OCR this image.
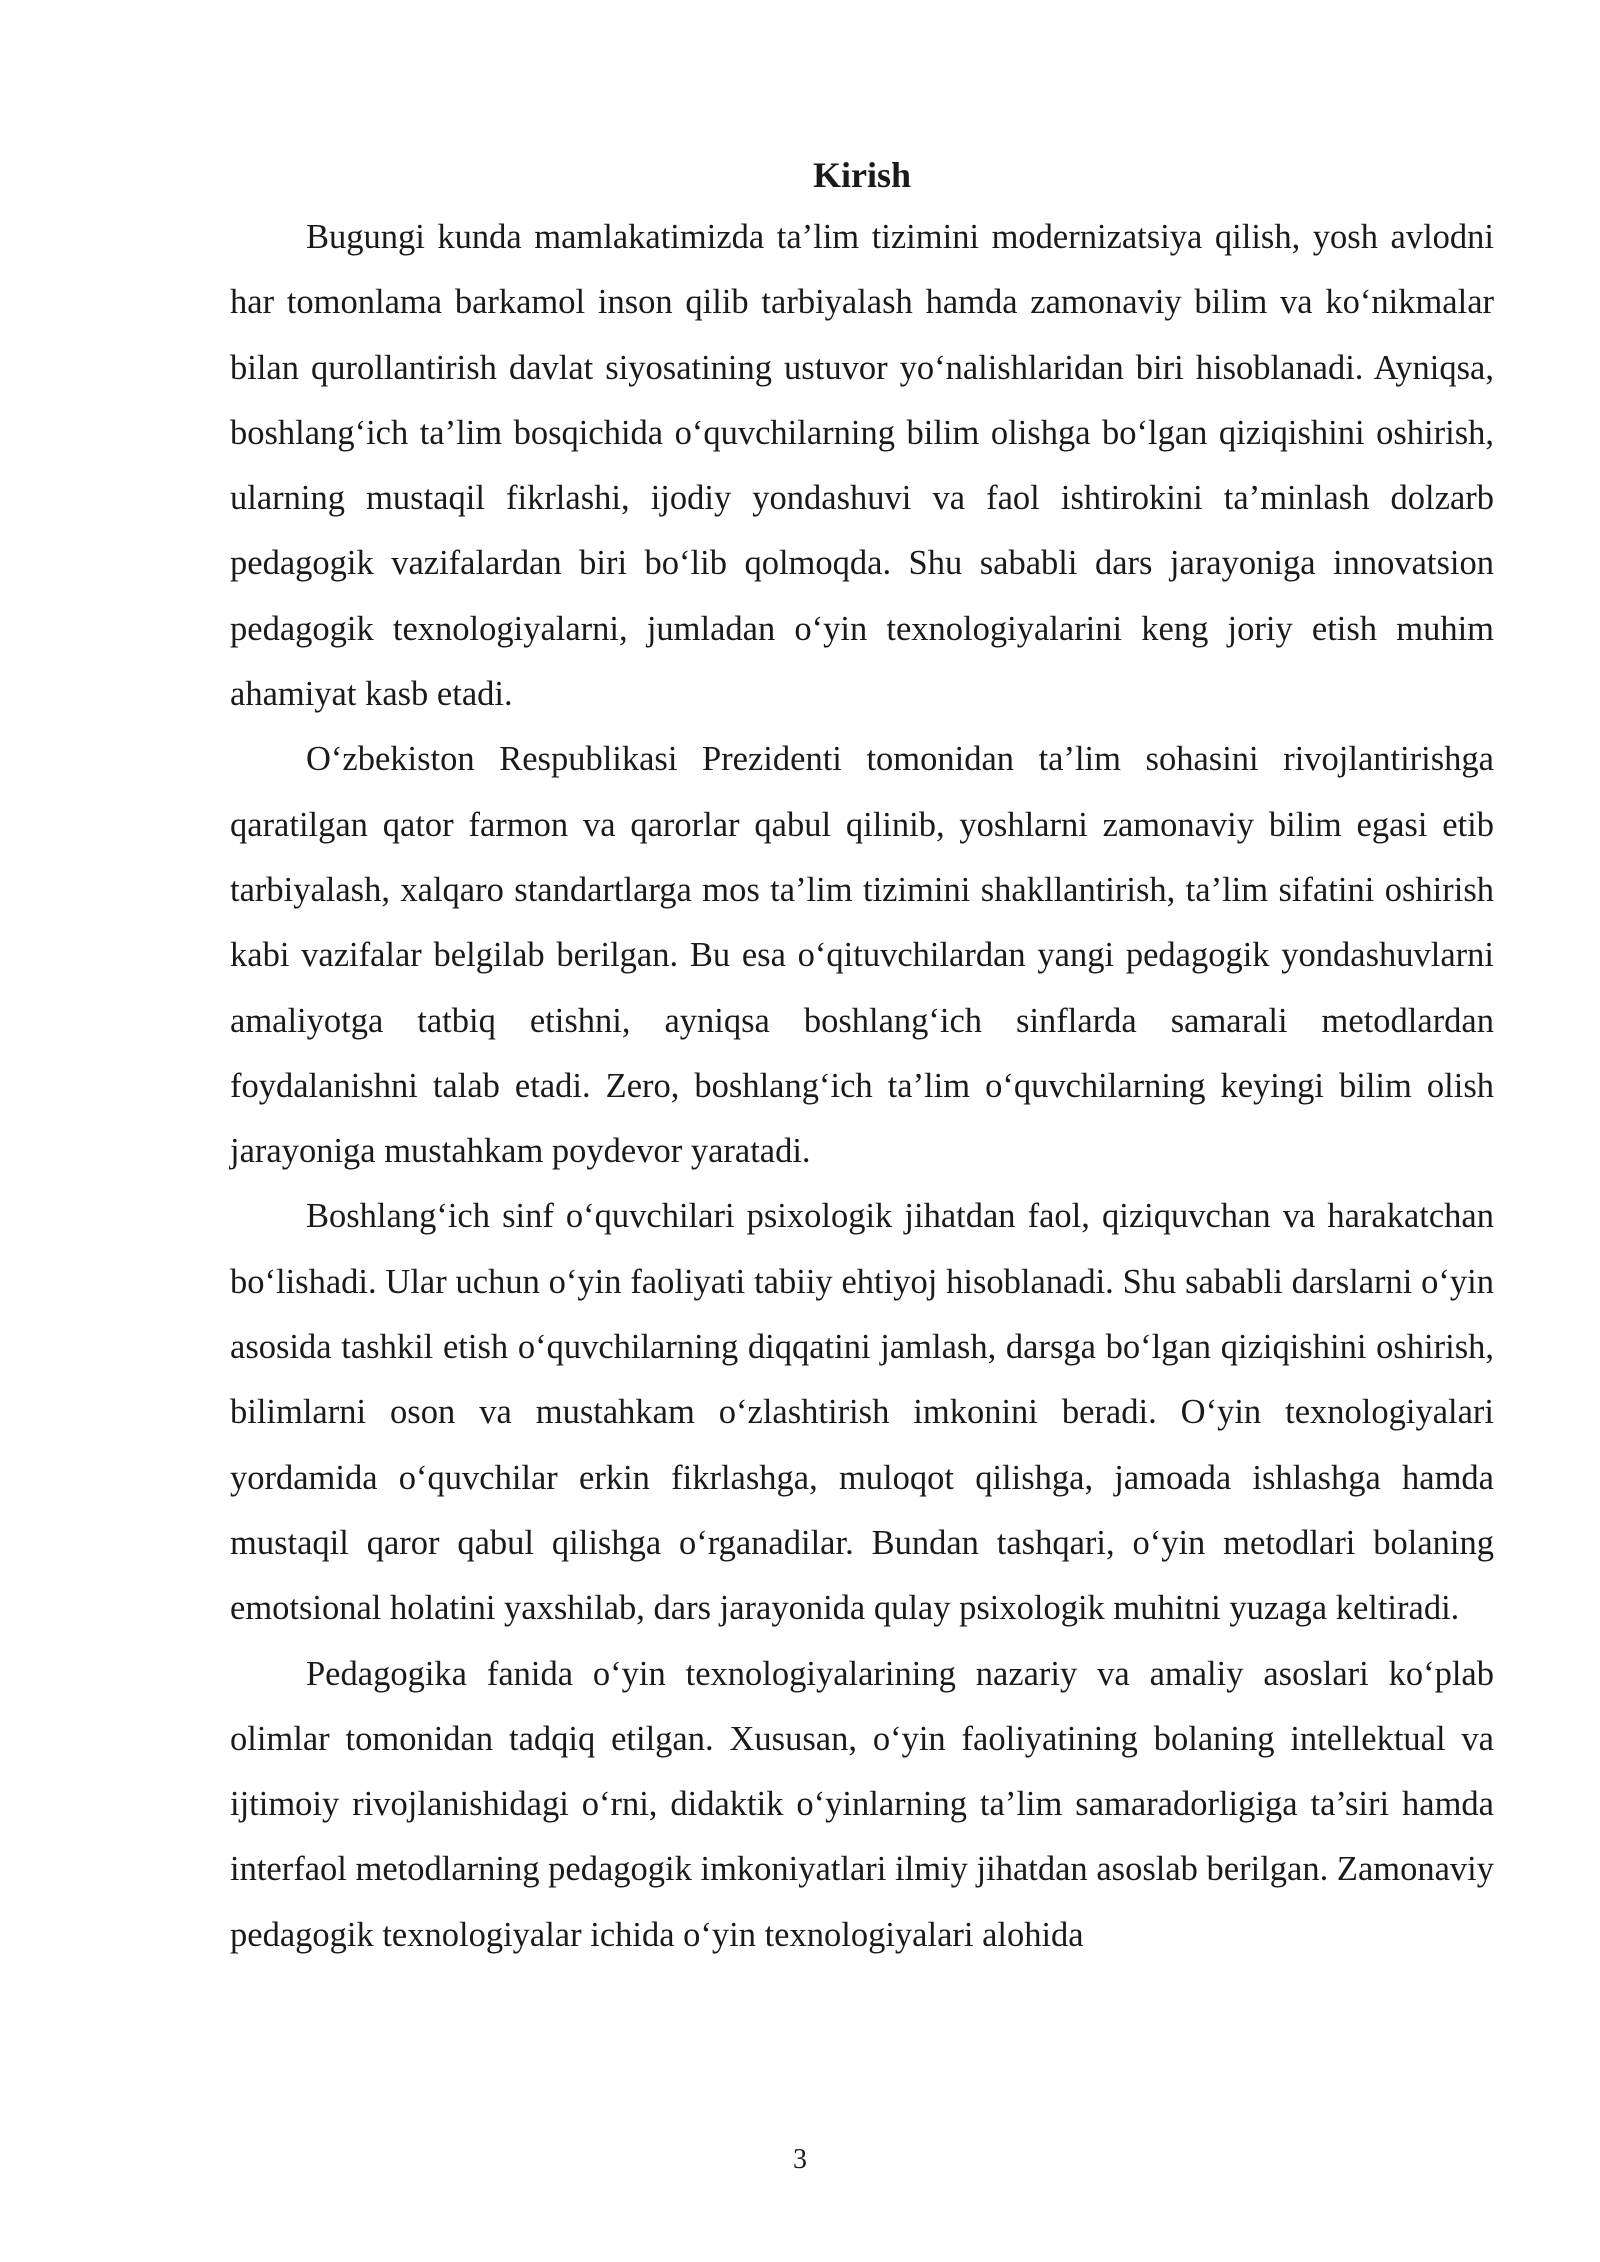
Kirish

Bugungi kunda mamlakatimizda ta’lim tizimini modernizatsiya qilish, yosh avlodni har tomonlama barkamol inson qilib tarbiyalash hamda zamonaviy bilim va ko‘nikmalar bilan qurollantirish davlat siyosatining ustuvor yo‘nalishlaridan biri hisoblanadi. Ayniqsa, boshlang‘ich ta’lim bosqichida o‘quvchilarning bilim olishga bo‘lgan qiziqishini oshirish, ularning mustaqil fikrlashi, ijodiy yondashuvi va faol ishtirokini ta’minlash dolzarb pedagogik vazifalardan biri bo‘lib qolmoqda. Shu sababli dars jarayoniga innovatsion pedagogik texnologiyalarni, jumladan o‘yin texnologiyalarini keng joriy etish muhim ahamiyat kasb etadi.

O‘zbekiston Respublikasi Prezidenti tomonidan ta’lim sohasini rivojlantirishga qaratilgan qator farmon va qarorlar qabul qilinib, yoshlarni zamonaviy bilim egasi etib tarbiyalash, xalqaro standartlarga mos ta’lim tizimini shakllantirish, ta’lim sifatini oshirish kabi vazifalar belgilab berilgan. Bu esa o‘qituvchilardan yangi pedagogik yondashuvlarni amaliyotga tatbiq etishni, ayniqsa boshlang‘ich sinflarda samarali metodlardan foydalanishni talab etadi. Zero, boshlang‘ich ta’lim o‘quvchilarning keyingi bilim olish jarayoniga mustahkam poydevor yaratadi.

Boshlang‘ich sinf o‘quvchilari psixologik jihatdan faol, qiziquvchan va harakatchan bo‘lishadi. Ular uchun o‘yin faoliyati tabiiy ehtiyoj hisoblanadi. Shu sababli darslarni o‘yin asosida tashkil etish o‘quvchilarning diqqatini jamlash, darsga bo‘lgan qiziqishini oshirish, bilimlarni oson va mustahkam o‘zlashtirish imkonini beradi. O‘yin texnologiyalari yordamida o‘quvchilar erkin fikrlashga, muloqot qilishga, jamoada ishlashga hamda mustaqil qaror qabul qilishga o‘rganadilar. Bundan tashqari, o‘yin metodlari bolaning emotsional holatini yaxshilab, dars jarayonida qulay psixologik muhitni yuzaga keltiradi.

Pedagogika fanida o‘yin texnologiyalarining nazariy va amaliy asoslari ko‘plab olimlar tomonidan tadqiq etilgan. Xususan, o‘yin faoliyatining bolaning intellektual va ijtimoiy rivojlanishidagi o‘rni, didaktik o‘yinlarning ta’lim samaradorligiga ta’siri hamda interfaol metodlarning pedagogik imkoniyatlari ilmiy jihatdan asoslab berilgan. Zamonaviy pedagogik texnologiyalar ichida o‘yin texnologiyalari alohida

3
